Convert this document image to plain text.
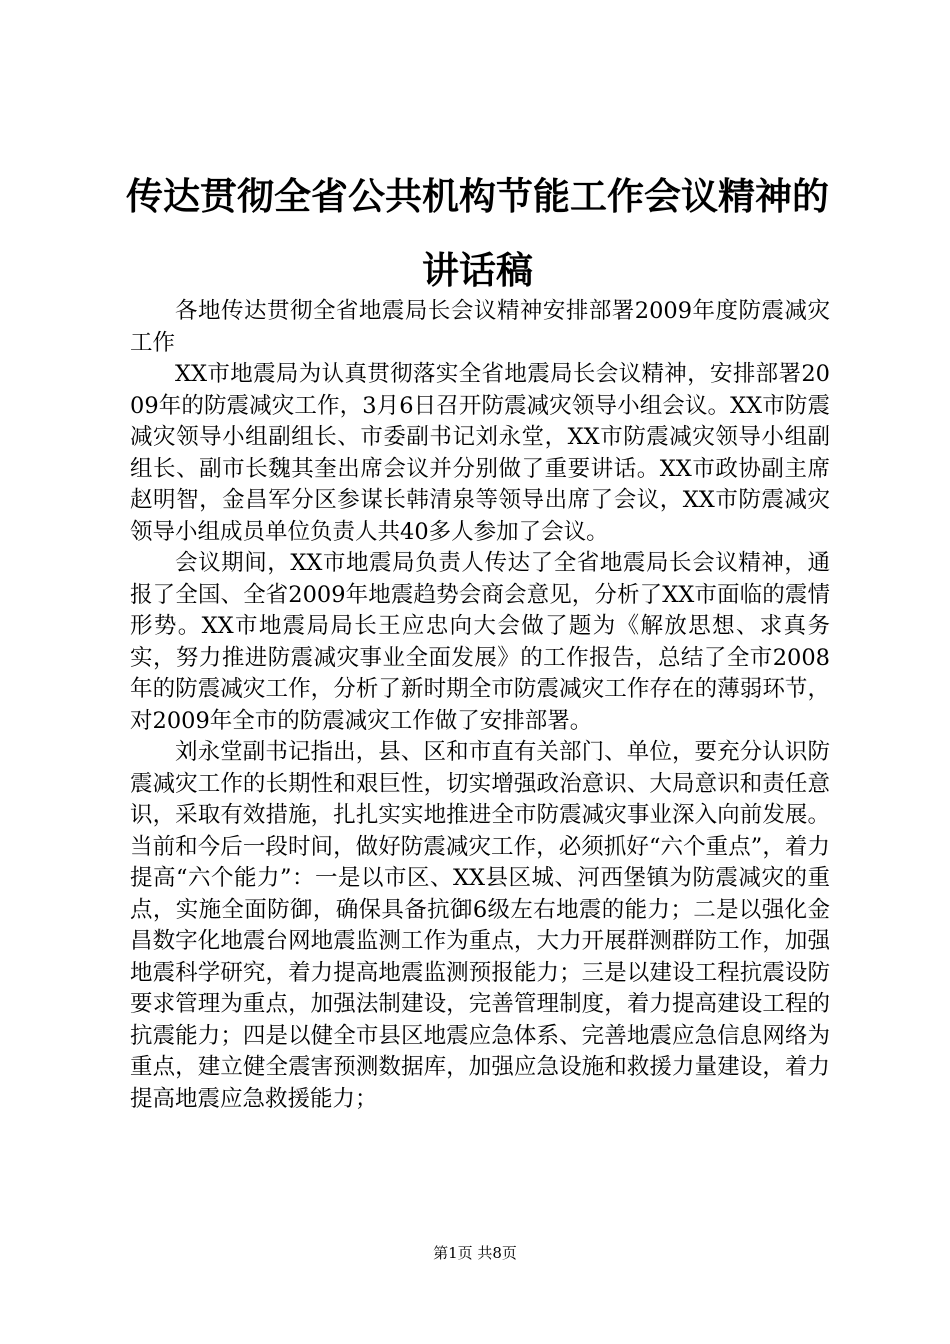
传达贯彻全省公共机构节能工作会议精神的讲话稿

各地传达贯彻全省地震局长会议精神安排部署2009年度防震减灾工作

XX市地震局为认真贯彻落实全省地震局长会议精神，安排部署2009年的防震减灾工作，3月6日召开防震减灾领导小组会议。XX市防震减灾领导小组副组长、市委副书记刘永堂，XX市防震减灾领导小组副组长、副市长魏其奎出席会议并分别做了重要讲话。XX市政协副主席赵明智，金昌军分区参谋长韩清泉等领导出席了会议，XX市防震减灾领导小组成员单位负责人共40多人参加了会议。

会议期间，XX市地震局负责人传达了全省地震局长会议精神，通报了全国、全省2009年地震趋势会商会意见，分析了XX市面临的震情形势。XX市地震局局长王应忠向大会做了题为《解放思想、求真务实，努力推进防震减灾事业全面发展》的工作报告，总结了全市2008年的防震减灾工作，分析了新时期全市防震减灾工作存在的薄弱环节，对2009年全市的防震减灾工作做了安排部署。

刘永堂副书记指出，县、区和市直有关部门、单位，要充分认识防震减灾工作的长期性和艰巨性，切实增强政治意识、大局意识和责任意识，采取有效措施，扎扎实实地推进全市防震减灾事业深入向前发展。当前和今后一段时间，做好防震减灾工作，必须抓好“六个重点”，着力提高“六个能力”：一是以市区、XX县区城、河西堡镇为防震减灾的重点，实施全面防御，确保具备抗御6级左右地震的能力；二是以强化金昌数字化地震台网地震监测工作为重点，大力开展群测群防工作，加强地震科学研究，着力提高地震监测预报能力；三是以建设工程抗震设防要求管理为重点，加强法制建设，完善管理制度，着力提高建设工程的抗震能力；四是以健全市县区地震应急体系、完善地震应急信息网络为重点，建立健全震害预测数据库，加强应急设施和救援力量建设，着力提高地震应急救援能力；

第1页 共8页
